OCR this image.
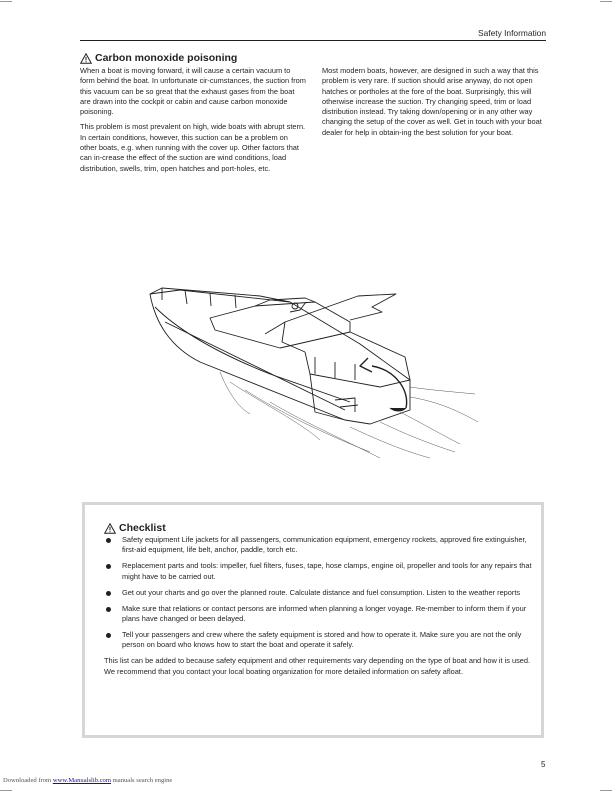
Safety Information
Carbon monoxide poisoning

When a boat is moving forward, it will cause a certain vacuum to form behind the boat. In unfortunate cir-cumstances, the suction from this vacuum can be so great that the exhaust gases from the boat are drawn into the cockpit or cabin and cause carbon monoxide poisoning.

This problem is most prevalent on high, wide boats with abrupt stern. In certain conditions, however, this suction can be a problem on other boats, e.g. when running with the cover up. Other factors that can in-crease the effect of the suction are wind conditions, load distribution, swells, trim, open hatches and port-holes, etc.

Most modern boats, however, are designed in such a way that this problem is very rare. If suction should arise anyway, do not open hatches or portholes at the fore of the boat. Surprisingly, this will otherwise increase the suction. Try changing speed, trim or load distribution instead. Try taking down/opening or in any other way changing the setup of the cover as well. Get in touch with your boat dealer for help in obtain-ing the best solution for your boat.

Checklist
Safety equipment Life jackets for all passengers, communication equipment, emergency rockets, approved fire extinguisher, first-aid equipment, life belt, anchor, paddle, torch etc.
Replacement parts and tools: impeller, fuel filters, fuses, tape, hose clamps, engine oil, propeller and tools for any repairs that might have to be carried out.
Get out your charts and go over the planned route. Calculate distance and fuel consumption. Listen to the weather reports
Make sure that relations or contact persons are informed when planning a longer voyage. Re-member to inform them if your plans have changed or been delayed.
Tell your passengers and crew where the safety equipment is stored and how to operate it. Make sure you are not the only person on board who knows how to start the boat and operate it safely.

This list can be added to because safety equipment and other requirements vary depending on the type of boat and how it is used. We recommend that you contact your local boating organization for more detailed information on safety afloat.

5
Downloaded from www.Manualslib.com manuals search engine
